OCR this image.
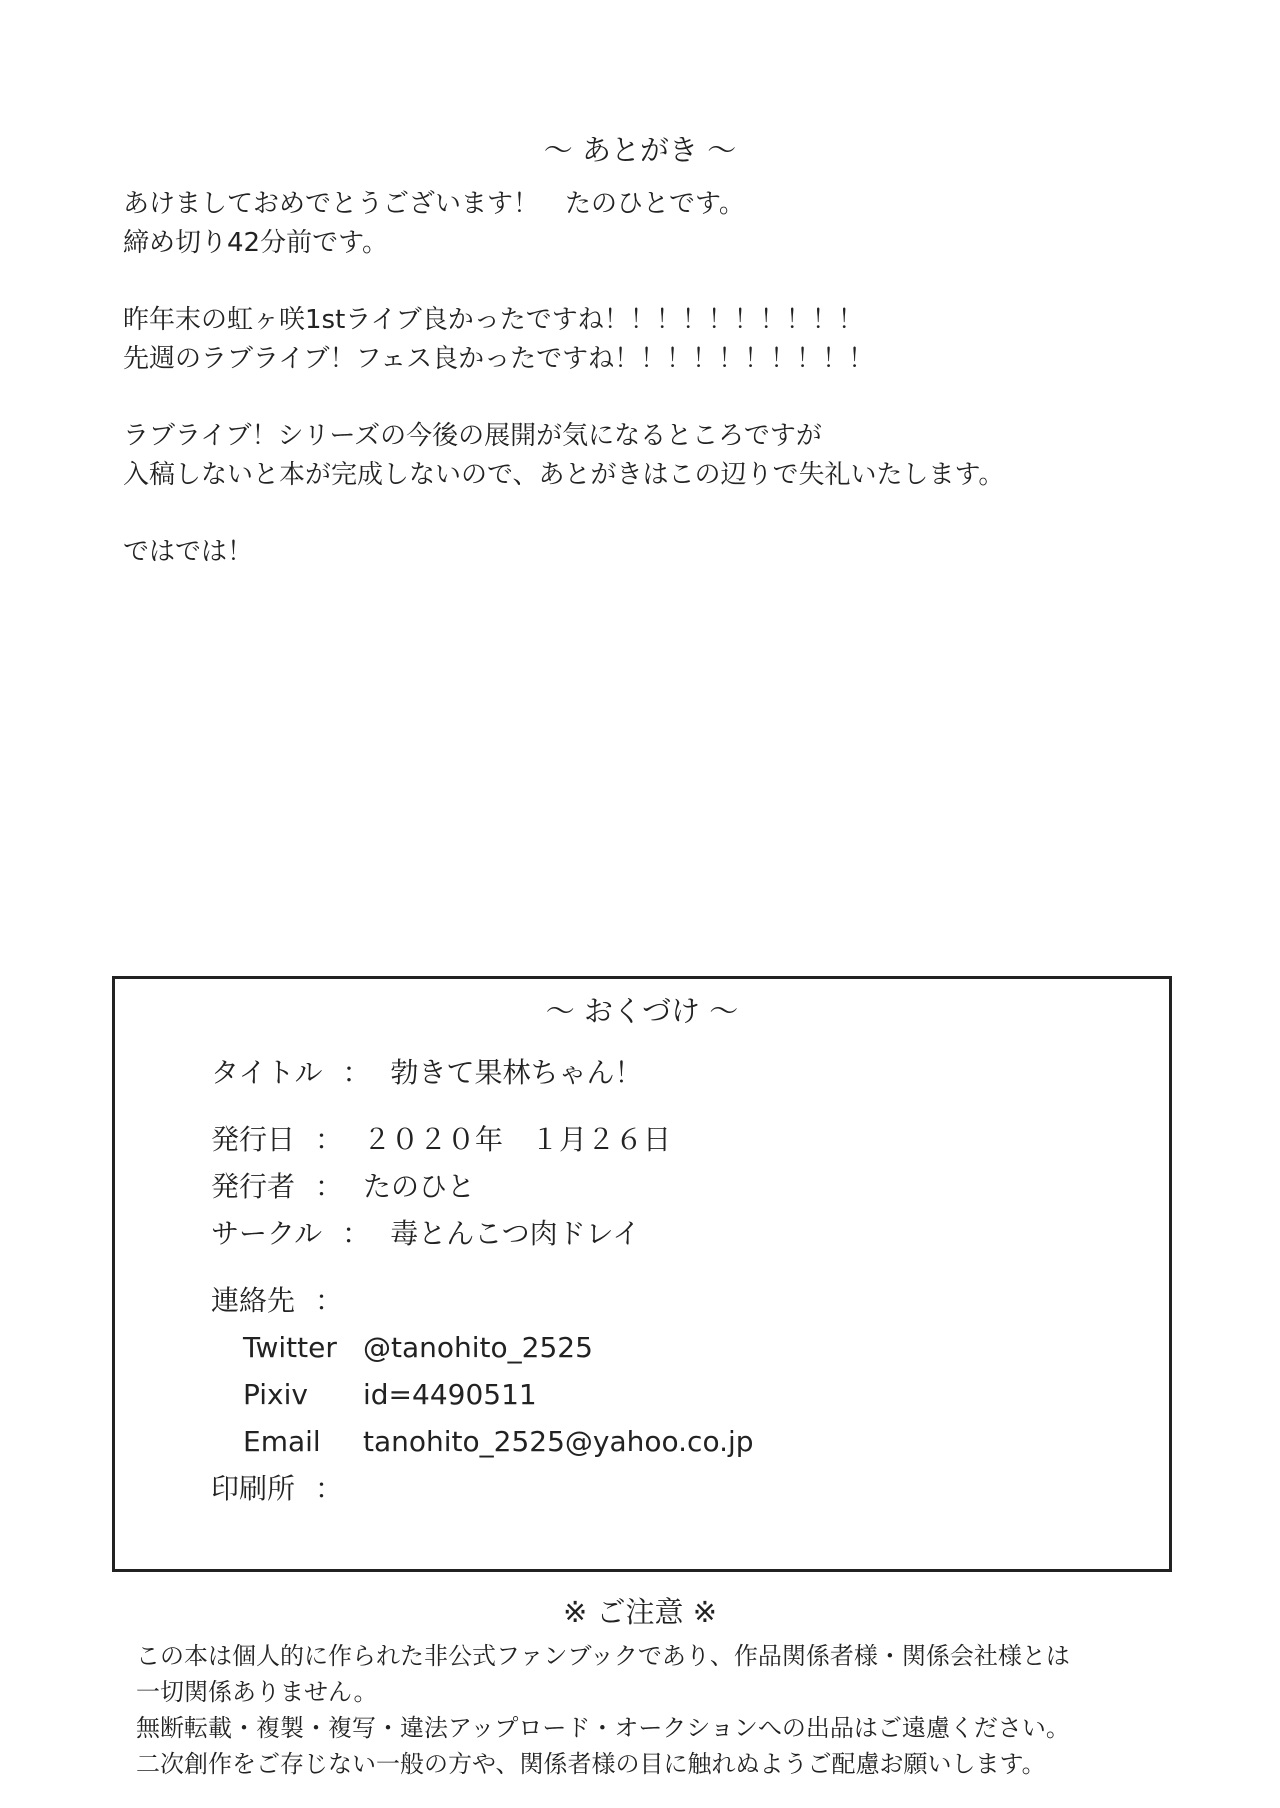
～ あとがき ～
あけましておめでとうございます！　たのひとです。
締め切り42分前です。
昨年末の虹ヶ咲1stライブ良かったですね！！！！！！！！！！
先週のラブライブ！フェス良かったですね！！！！！！！！！！
ラブライブ！シリーズの今後の展開が気になるところですが
入稿しないと本が完成しないので、あとがきはこの辺りで失礼いたします。
ではでは！
～ おくづけ ～
タイトル ： 勃きて果林ちゃん！
発行日 ： ２０２０年　１月２６日
発行者 ： たのひと
サークル ： 毒とんこつ肉ドレイ
連絡先 ：
Twitter @tanohito_2525
Pixiv id=4490511
Email tanohito_2525@yahoo.co.jp
印刷所 ：
※ ご注意 ※
この本は個人的に作られた非公式ファンブックであり、作品関係者様・関係会社様とは
一切関係ありません。
無断転載・複製・複写・違法アップロード・オークションへの出品はご遠慮ください。
二次創作をご存じない一般の方や、関係者様の目に触れぬようご配慮お願いします。
